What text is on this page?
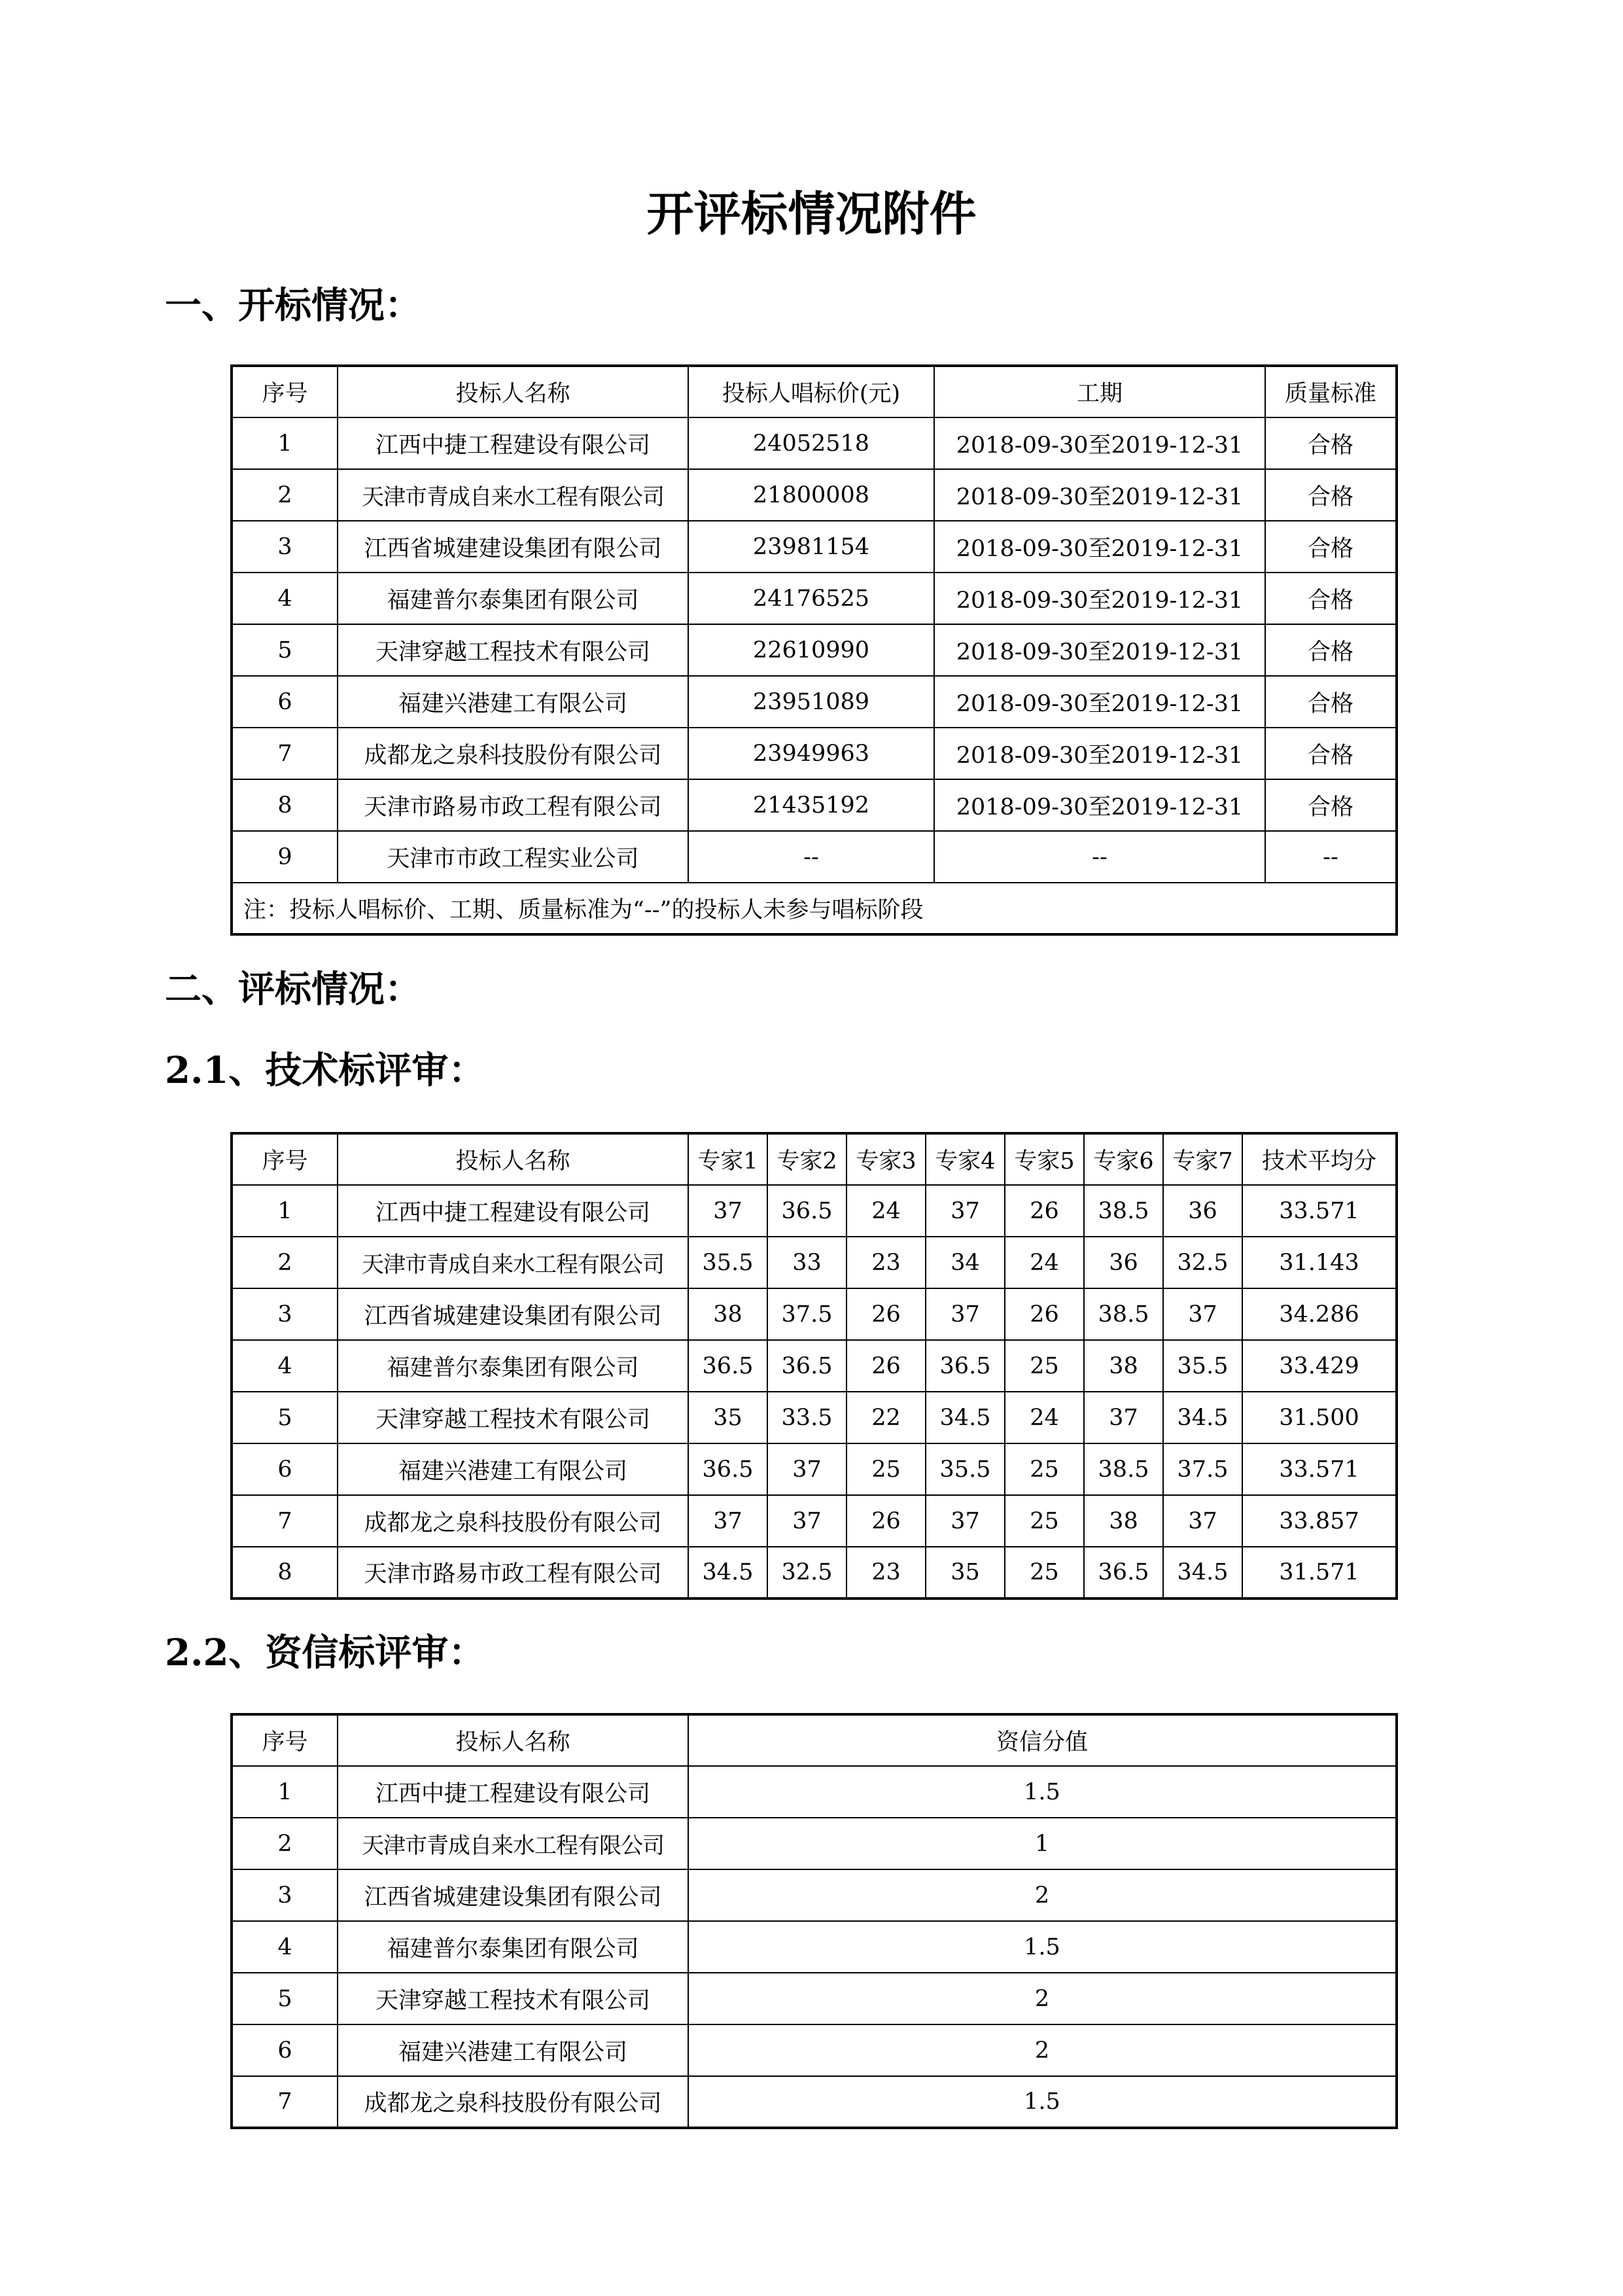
开评标情况附件
一、开标情况：
序号	投标人名称	投标人唱标价(元)	工期	质量标准
1	江西中捷工程建设有限公司	24052518	2018-09-30至2019-12-31	合格
2	天津市青成自来水工程有限公司	21800008	2018-09-30至2019-12-31	合格
3	江西省城建建设集团有限公司	23981154	2018-09-30至2019-12-31	合格
4	福建普尔泰集团有限公司	24176525	2018-09-30至2019-12-31	合格
5	天津穿越工程技术有限公司	22610990	2018-09-30至2019-12-31	合格
6	福建兴港建工有限公司	23951089	2018-09-30至2019-12-31	合格
7	成都龙之泉科技股份有限公司	23949963	2018-09-30至2019-12-31	合格
8	天津市路易市政工程有限公司	21435192	2018-09-30至2019-12-31	合格
9	天津市市政工程实业公司	--	--	--
注：投标人唱标价、工期、质量标准为“--”的投标人未参与唱标阶段				
二、评标情况：
2.1、技术标评审：
序号	投标人名称	专家1	专家2	专家3	专家4	专家5	专家6	专家7	技术平均分
1	江西中捷工程建设有限公司	37	36.5	24	37	26	38.5	36	33.571
2	天津市青成自来水工程有限公司	35.5	33	23	34	24	36	32.5	31.143
3	江西省城建建设集团有限公司	38	37.5	26	37	26	38.5	37	34.286
4	福建普尔泰集团有限公司	36.5	36.5	26	36.5	25	38	35.5	33.429
5	天津穿越工程技术有限公司	35	33.5	22	34.5	24	37	34.5	31.500
6	福建兴港建工有限公司	36.5	37	25	35.5	25	38.5	37.5	33.571
7	成都龙之泉科技股份有限公司	37	37	26	37	25	38	37	33.857
8	天津市路易市政工程有限公司	34.5	32.5	23	35	25	36.5	34.5	31.571
2.2、资信标评审：
序号	投标人名称	资信分值
1	江西中捷工程建设有限公司	1.5
2	天津市青成自来水工程有限公司	1
3	江西省城建建设集团有限公司	2
4	福建普尔泰集团有限公司	1.5
5	天津穿越工程技术有限公司	2
6	福建兴港建工有限公司	2
7	成都龙之泉科技股份有限公司	1.5
